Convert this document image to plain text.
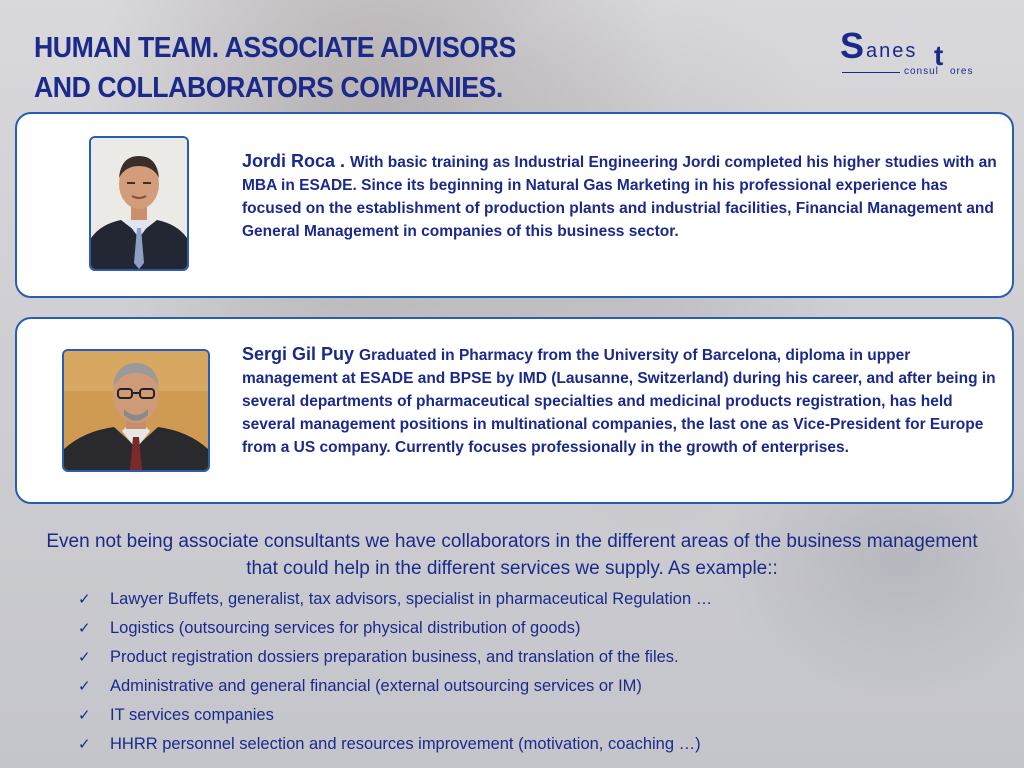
HUMAN TEAM. ASSOCIATE ADVISORS
AND COLLABORATORS COMPANIES.
S anes t
consul ores
Jordi Roca . With basic training as Industrial Engineering Jordi completed his higher studies with an MBA in ESADE. Since its beginning in Natural Gas Marketing in his professional experience has focused on the establishment of production plants and industrial facilities, Financial Management and General Management in companies of this business sector.
Sergi Gil Puy Graduated in Pharmacy from the University of Barcelona, diploma in upper management at ESADE and BPSE by IMD (Lausanne, Switzerland) during his career, and after being in several departments of pharmaceutical specialties and medicinal products registration, has held several management positions in multinational companies, the last one as Vice-President for Europe from a US company. Currently focuses professionally in the growth of enterprises.
Even not being associate consultants we have collaborators in the different areas of the business management that could help in the different services we supply. As example::
✓ Lawyer Buffets, generalist, tax advisors, specialist in pharmaceutical Regulation …
✓ Logistics (outsourcing services for physical distribution of goods)
✓ Product registration dossiers preparation business, and translation of the files.
✓ Administrative and general financial (external outsourcing services or IM)
✓ IT services companies
✓ HHRR personnel selection and resources improvement (motivation, coaching …)
